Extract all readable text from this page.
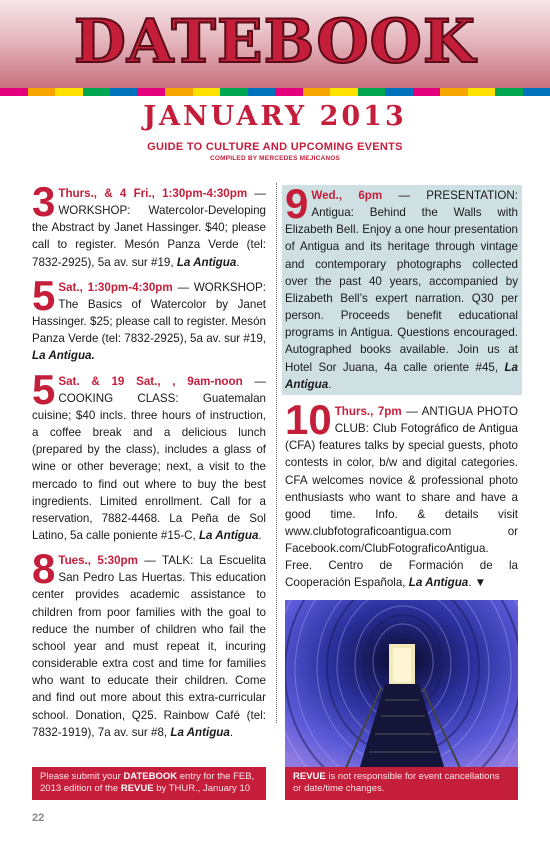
DATEBOOK
JANUARY 2013
GUIDE TO CULTURE AND UPCOMING EVENTS
COMPILED BY MERCEDES MEJICANOS
3 Thurs., & 4 Fri., 1:30pm-4:30pm — WORKSHOP: Watercolor-Developing the Abstract by Janet Hassinger. $40; please call to register. Mesón Panza Verde (tel: 7832-2925), 5a av. sur #19, La Antigua.
5 Sat., 1:30pm-4:30pm — WORKSHOP: The Basics of Watercolor by Janet Hassinger. $25; please call to register. Mesón Panza Verde (tel: 7832-2925), 5a av. sur #19, La Antigua.
5 Sat. & 19 Sat., , 9am-noon — COOKING CLASS: Guatemalan cuisine; $40 incls. three hours of instruction, a coffee break and a delicious lunch (prepared by the class), includes a glass of wine or other beverage; next, a visit to the mercado to find out where to buy the best ingredients. Limited enrollment. Call for a reservation, 7882-4468. La Peña de Sol Latino, 5a calle poniente #15-C, La Antigua.
8 Tues., 5:30pm — TALK: La Escuelita San Pedro Las Huertas. This education center provides academic assistance to children from poor families with the goal to reduce the number of children who fail the school year and must repeat it, incuring considerable extra cost and time for families who want to educate their children. Come and find out more about this extra-curricular school. Donation, Q25. Rainbow Café (tel: 7832-1919), 7a av. sur #8, La Antigua.
9 Wed., 6pm — PRESENTATION: Antigua: Behind the Walls with Elizabeth Bell. Enjoy a one hour presentation of Antigua and its heritage through vintage and contemporary photographs collected over the past 40 years, accompanied by Elizabeth Bell’s expert narration. Q30 per person. Proceeds benefit educational programs in Antigua. Questions encouraged. Autographed books available. Join us at Hotel Sor Juana, 4a calle oriente #45, La Antigua.
10 Thurs., 7pm — ANTIGUA PHOTO CLUB: Club Fotográfico de Antigua (CFA) features talks by special guests, photo contests in color, b/w and digital categories. CFA welcomes novice & professional photo enthusiasts who want to share and have a good time. Info. & details visit www.clubfotograficoantigua.com or Facebook.com/ClubFotograficoAntigua. Free. Centro de Formación de la Cooperación Española, La Antigua. ▼
Please submit your DATEBOOK entry for the FEB, 2013 edition of the REVUE by THUR., January 10
REVUE is not responsible for event cancellations or date/time changes.
22
